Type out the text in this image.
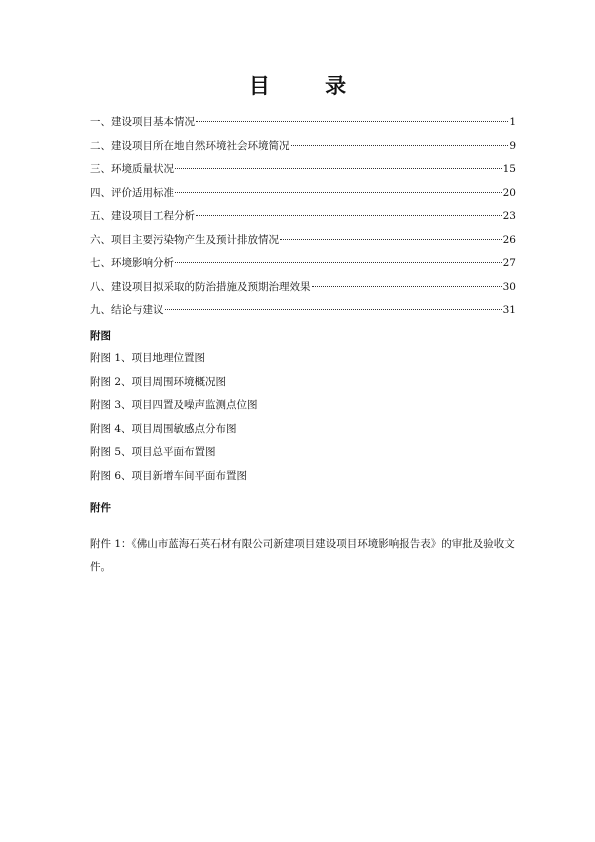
目 录
一、建设项目基本情况	1
二、建设项目所在地自然环境社会环境简况	9
三、环境质量状况	15
四、评价适用标准	20
五、建设项目工程分析	23
六、项目主要污染物产生及预计排放情况	26
七、环境影响分析	27
八、建设项目拟采取的防治措施及预期治理效果	30
九、结论与建议	31
附图
附图 1、项目地理位置图
附图 2、项目周围环境概况图
附图 3、项目四置及噪声监测点位图
附图 4、项目周围敏感点分布图
附图 5、项目总平面布置图
附图 6、项目新增车间平面布置图
附件
附件 1：《佛山市蓝海石英石材有限公司新建项目建设项目环境影响报告表》的审批及验收文件。
